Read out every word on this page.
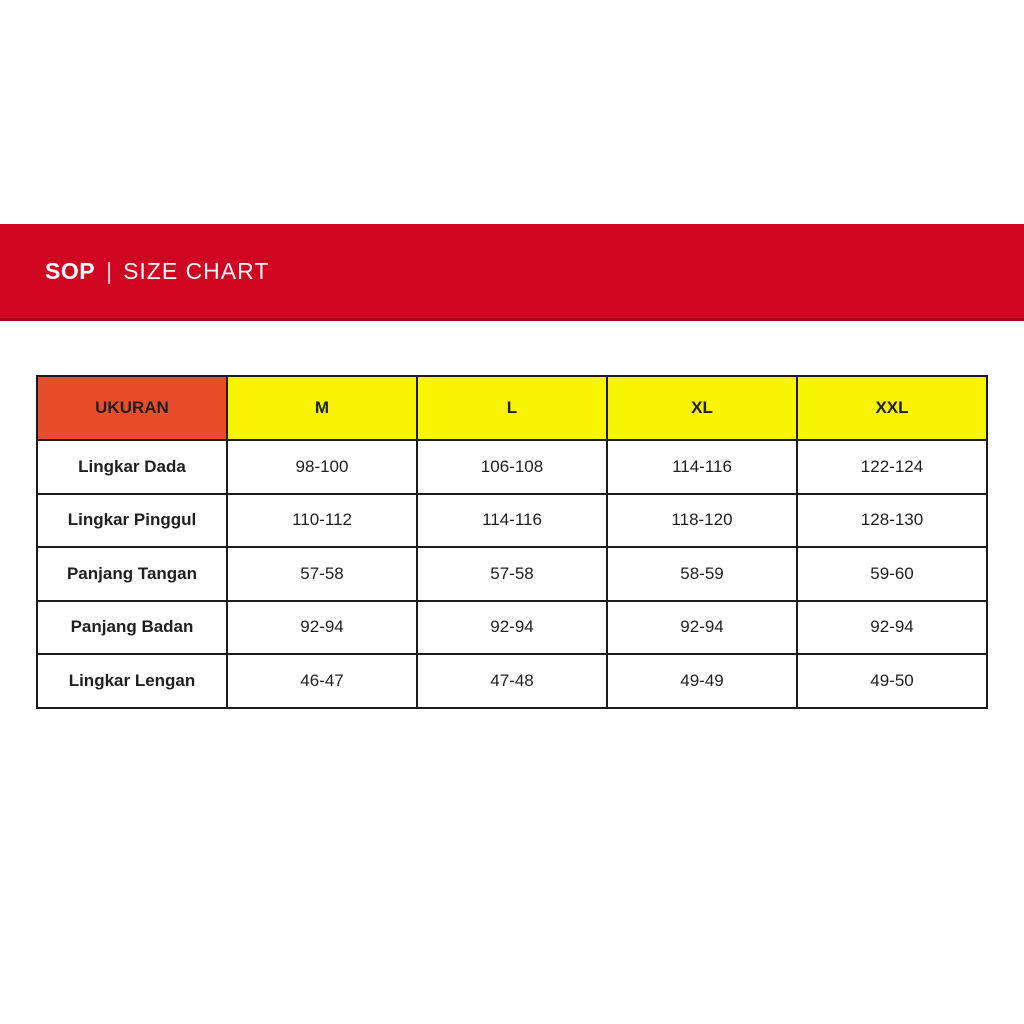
SOP | SIZE CHART
UKURAN	M	L	XL	XXL
Lingkar Dada	98-100	106-108	114-116	122-124
Lingkar Pinggul	110-112	114-116	118-120	128-130
Panjang Tangan	57-58	57-58	58-59	59-60
Panjang Badan	92-94	92-94	92-94	92-94
Lingkar Lengan	46-47	47-48	49-49	49-50
